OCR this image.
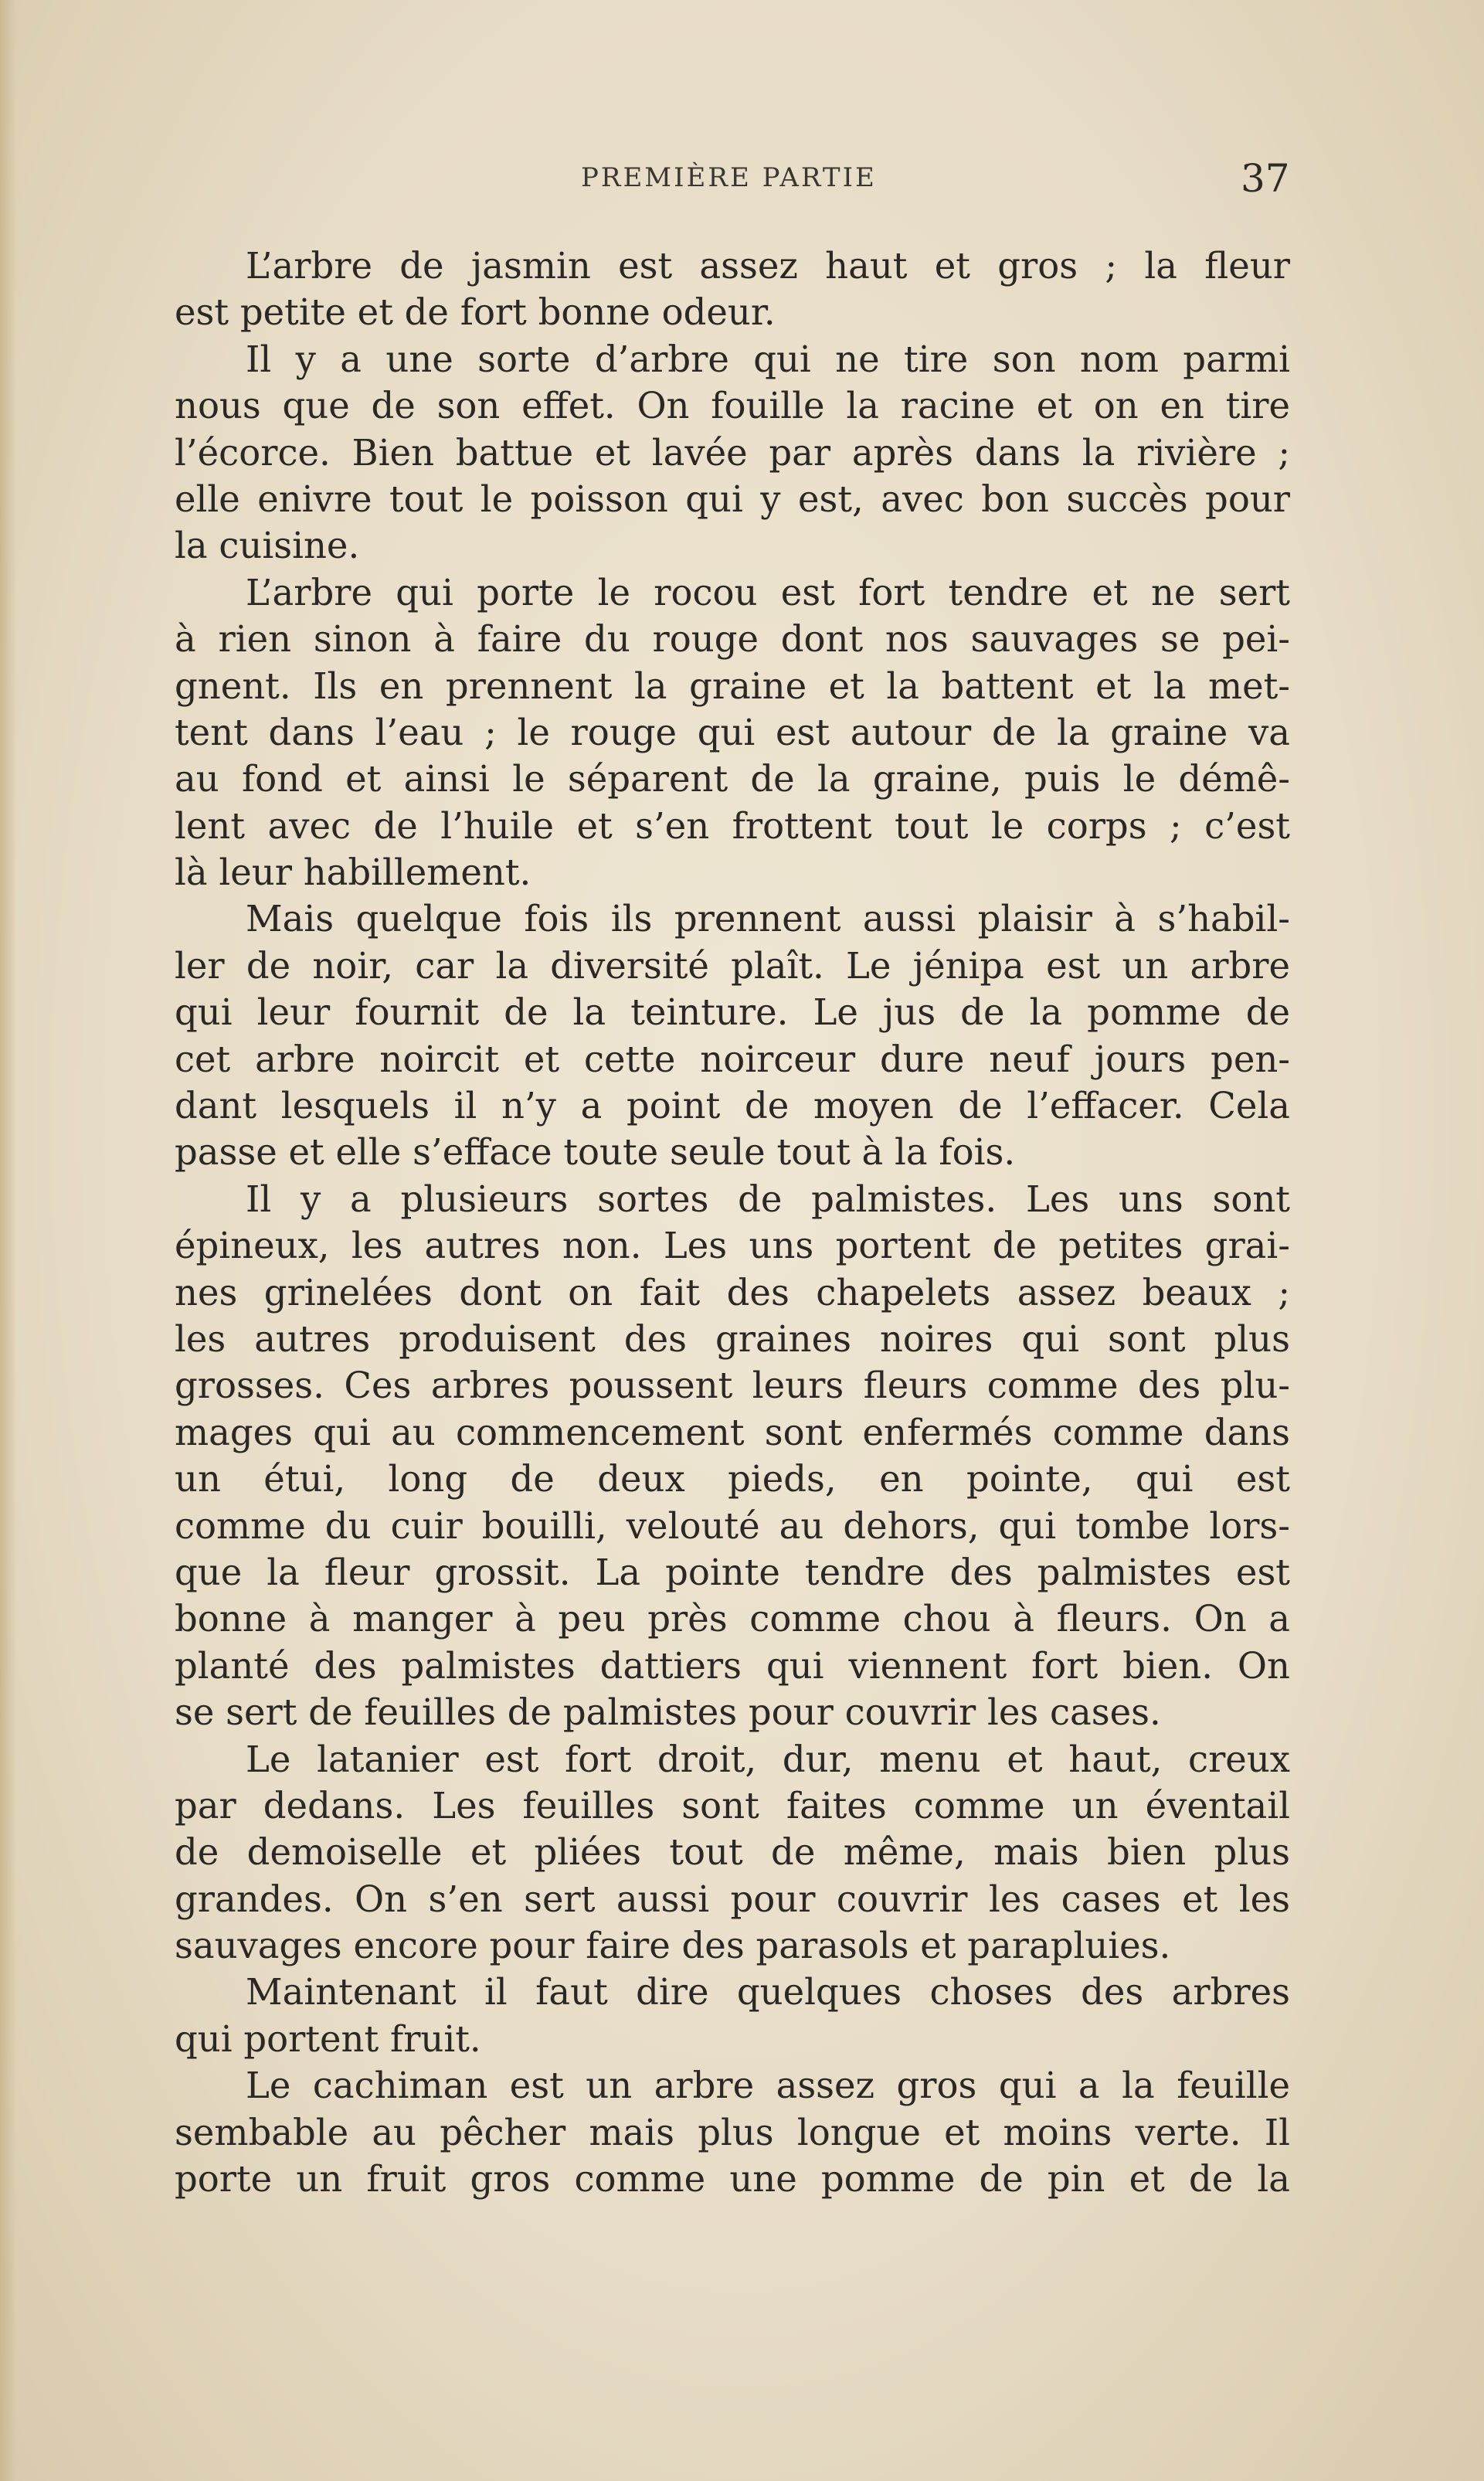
PREMIÈRE PARTIE	37
L’arbre de jasmin est assez haut et gros ; la fleur
est petite et de fort bonne odeur.
Il y a une sorte d’arbre qui ne tire son nom parmi
nous que de son effet. On fouille la racine et on en tire
l’écorce. Bien battue et lavée par après dans la rivière ;
elle enivre tout le poisson qui y est, avec bon succès pour
la cuisine.
L’arbre qui porte le rocou est fort tendre et ne sert
à rien sinon à faire du rouge dont nos sauvages se pei-
gnent. Ils en prennent la graine et la battent et la met-
tent dans l’eau ; le rouge qui est autour de la graine va
au fond et ainsi le séparent de la graine, puis le démê-
lent avec de l’huile et s’en frottent tout le corps ; c’est
là leur habillement.
Mais quelque fois ils prennent aussi plaisir à s’habil-
ler de noir, car la diversité plaît. Le jénipa est un arbre
qui leur fournit de la teinture. Le jus de la pomme de
cet arbre noircit et cette noirceur dure neuf jours pen-
dant lesquels il n’y a point de moyen de l’effacer. Cela
passe et elle s’efface toute seule tout à la fois.
Il y a plusieurs sortes de palmistes. Les uns sont
épineux, les autres non. Les uns portent de petites grai-
nes grinelées dont on fait des chapelets assez beaux ;
les autres produisent des graines noires qui sont plus
grosses. Ces arbres poussent leurs fleurs comme des plu-
mages qui au commencement sont enfermés comme dans
un étui, long de deux pieds, en pointe, qui est
comme du cuir bouilli, velouté au dehors, qui tombe lors-
que la fleur grossit. La pointe tendre des palmistes est
bonne à manger à peu près comme chou à fleurs. On a
planté des palmistes dattiers qui viennent fort bien. On
se sert de feuilles de palmistes pour couvrir les cases.
Le latanier est fort droit, dur, menu et haut, creux
par dedans. Les feuilles sont faites comme un éventail
de demoiselle et pliées tout de même, mais bien plus
grandes. On s’en sert aussi pour couvrir les cases et les
sauvages encore pour faire des parasols et parapluies.
Maintenant il faut dire quelques choses des arbres
qui portent fruit.
Le cachiman est un arbre assez gros qui a la feuille
sembable au pêcher mais plus longue et moins verte. Il
porte un fruit gros comme une pomme de pin et de la
